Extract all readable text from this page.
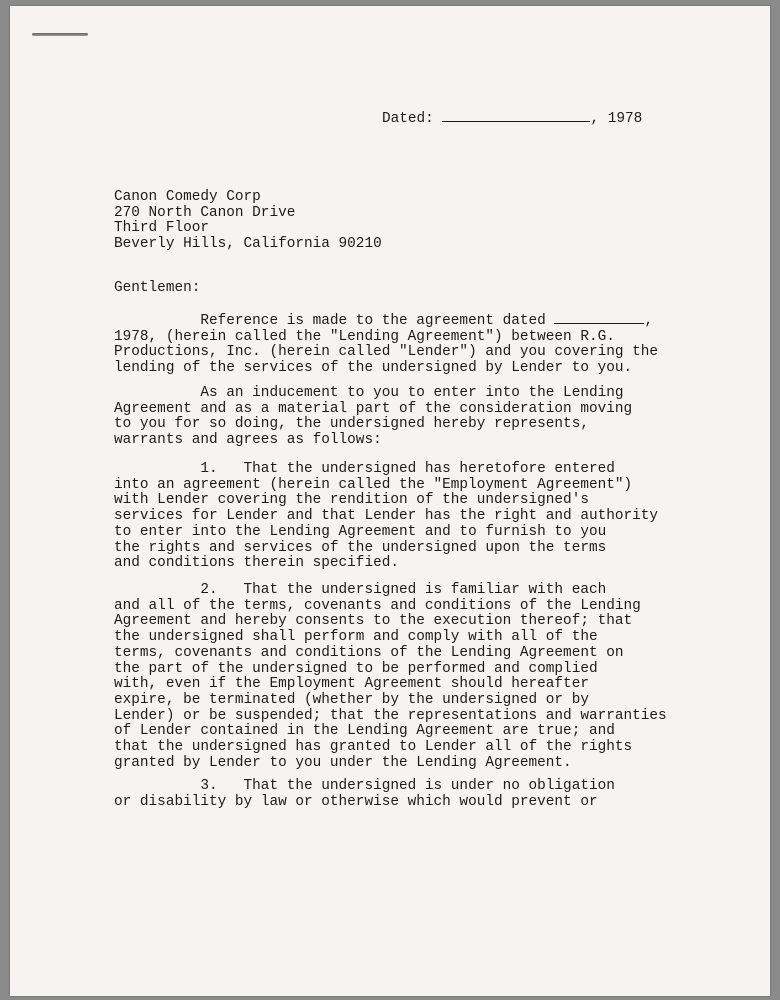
Dated:	, 1978
Canon Comedy Corp
270 North Canon Drive
Third Floor
Beverly Hills, California 90210
Gentlemen:
Reference is made to the agreement dated	,
1978, (herein called the "Lending Agreement") between R.G.
Productions, Inc. (herein called "Lender") and you covering the
lending of the services of the undersigned by Lender to you.
As an inducement to you to enter into the Lending
Agreement and as a material part of the consideration moving
to you for so doing, the undersigned hereby represents,
warrants and agrees as follows:
1.   That the undersigned has heretofore entered
into an agreement (herein called the "Employment Agreement")
with Lender covering the rendition of the undersigned's
services for Lender and that Lender has the right and authority
to enter into the Lending Agreement and to furnish to you
the rights and services of the undersigned upon the terms
and conditions therein specified.
2.   That the undersigned is familiar with each
and all of the terms, covenants and conditions of the Lending
Agreement and hereby consents to the execution thereof; that
the undersigned shall perform and comply with all of the
terms, covenants and conditions of the Lending Agreement on
the part of the undersigned to be performed and complied
with, even if the Employment Agreement should hereafter
expire, be terminated (whether by the undersigned or by
Lender) or be suspended; that the representations and warranties
of Lender contained in the Lending Agreement are true; and
that the undersigned has granted to Lender all of the rights
granted by Lender to you under the Lending Agreement.
3.   That the undersigned is under no obligation
or disability by law or otherwise which would prevent or
